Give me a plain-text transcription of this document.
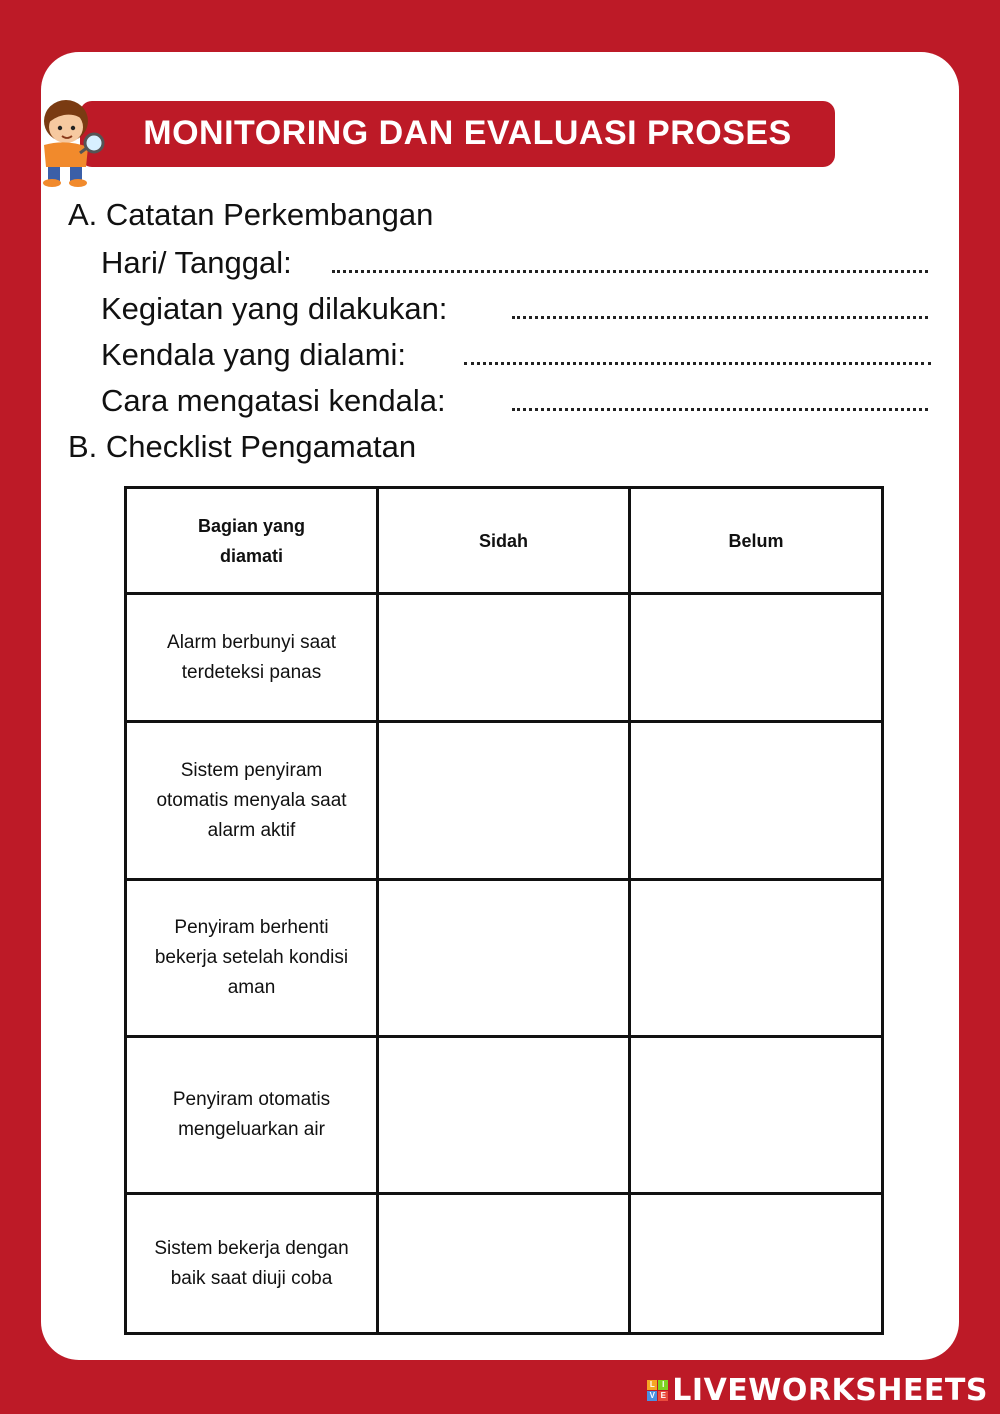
MONITORING DAN EVALUASI PROSES
A. Catatan Perkembangan
Hari/ Tanggal:
Kegiatan yang dilakukan:
Kendala yang dialami:
Cara mengatasi kendala:
B. Checklist Pengamatan
Bagian yang diamati	Sidah	Belum
Alarm berbunyi saat terdeteksi panas		
Sistem penyiram otomatis menyala saat alarm aktif		
Penyiram berhenti bekerja setelah kondisi aman		
Penyiram otomatis mengeluarkan air		
Sistem bekerja dengan baik saat diuji coba		
L I
V E LIVEWORKSHEETS
